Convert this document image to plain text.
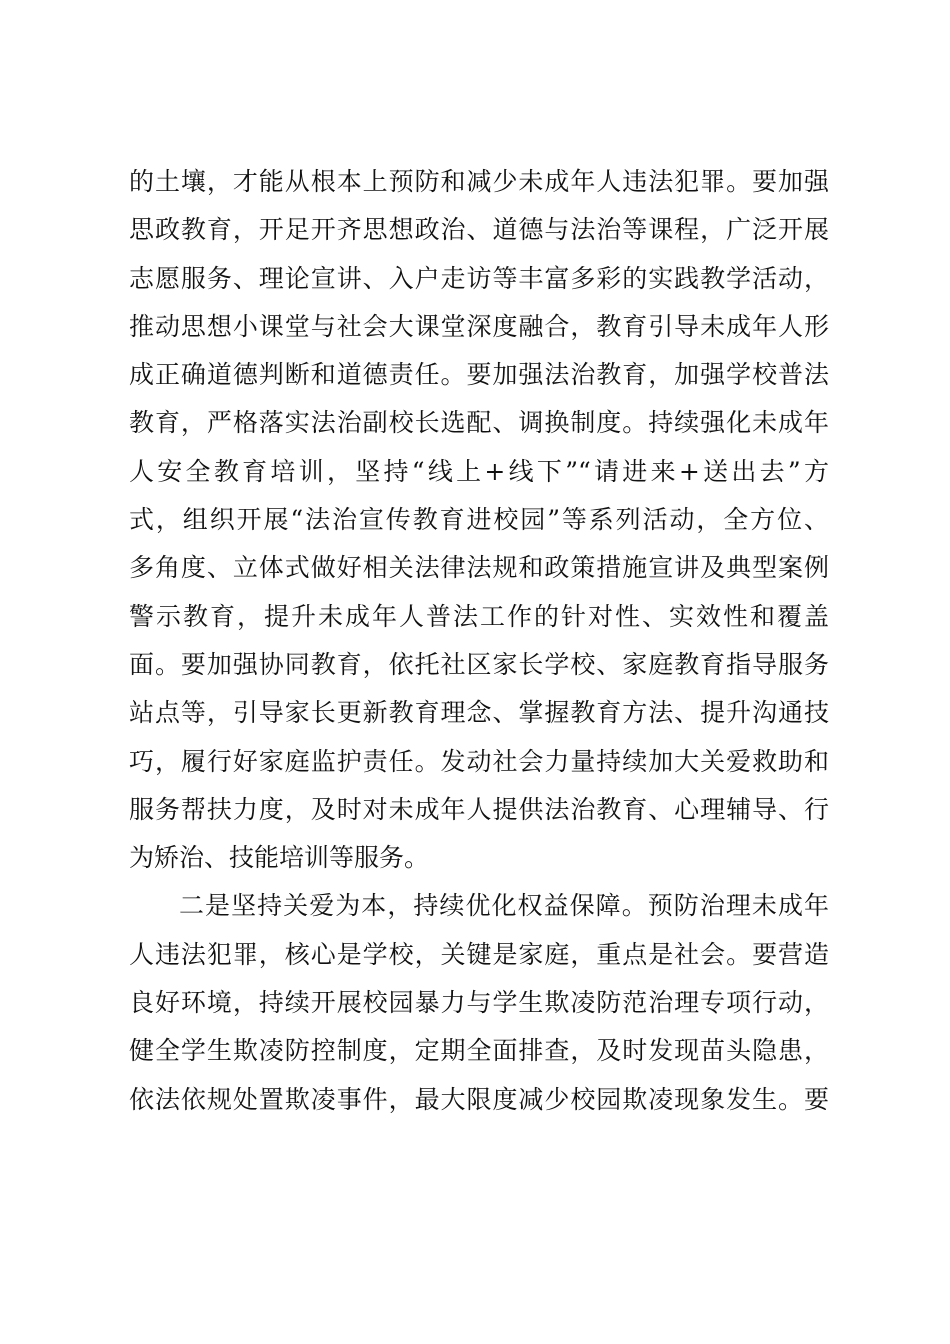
的土壤，才能从根本上预防和减少未成年人违法犯罪。要加强
思政教育，开足开齐思想政治、道德与法治等课程，广泛开展
志愿服务、理论宣讲、入户走访等丰富多彩的实践教学活动，
推动思想小课堂与社会大课堂深度融合，教育引导未成年人形
成正确道德判断和道德责任。要加强法治教育，加强学校普法
教育，严格落实法治副校长选配、调换制度。持续强化未成年
人安全教育培训，坚持“线上+线下”“请进来+送出去”方
式，组织开展“法治宣传教育进校园”等系列活动，全方位、
多角度、立体式做好相关法律法规和政策措施宣讲及典型案例
警示教育，提升未成年人普法工作的针对性、实效性和覆盖
面。要加强协同教育，依托社区家长学校、家庭教育指导服务
站点等，引导家长更新教育理念、掌握教育方法、提升沟通技
巧，履行好家庭监护责任。发动社会力量持续加大关爱救助和
服务帮扶力度，及时对未成年人提供法治教育、心理辅导、行
为矫治、技能培训等服务。
二是坚持关爱为本，持续优化权益保障。预防治理未成年
人违法犯罪，核心是学校，关键是家庭，重点是社会。要营造
良好环境，持续开展校园暴力与学生欺凌防范治理专项行动，
健全学生欺凌防控制度，定期全面排查，及时发现苗头隐患，
依法依规处置欺凌事件，最大限度减少校园欺凌现象发生。要
